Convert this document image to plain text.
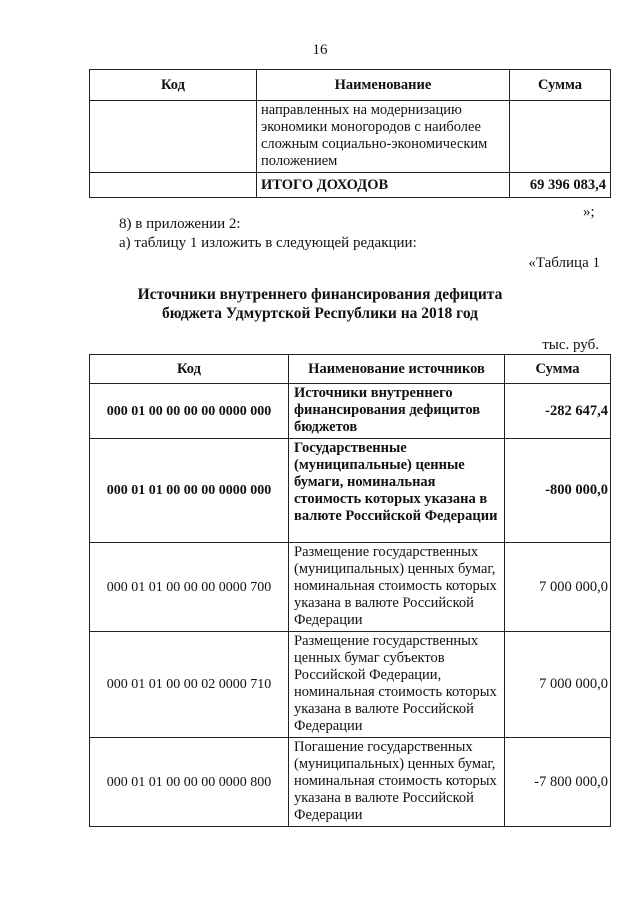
16
Код	Наименование	Сумма
	направленных на модернизацию экономики моногородов с наиболее сложным социально-экономическим положением	
	ИТОГО ДОХОДОВ	69 396 083,4
»;
8) в приложении 2:
а) таблицу 1 изложить в следующей редакции:
«Таблица 1
Источники внутреннего финансирования дефицита
бюджета Удмуртской Республики на 2018 год
тыс. руб.
Код	Наименование источников	Сумма
000 01 00 00 00 00 0000 000	Источники внутреннего финансирования дефицитов бюджетов	-282 647,4
000 01 01 00 00 00 0000 000	Государственные (муниципальные) ценные бумаги, номинальная стоимость которых указана в валюте Российской Федерации	-800 000,0
000 01 01 00 00 00 0000 700	Размещение государственных (муниципальных) ценных бумаг, номинальная стоимость которых указана в валюте Российской Федерации	7 000 000,0
000 01 01 00 00 02 0000 710	Размещение государственных ценных бумаг субъектов Российской Федерации, номинальная стоимость которых указана в валюте Российской Федерации	7 000 000,0
000 01 01 00 00 00 0000 800	Погашение государственных (муниципальных) ценных бумаг, номинальная стоимость которых указана в валюте Российской Федерации	-7 800 000,0
